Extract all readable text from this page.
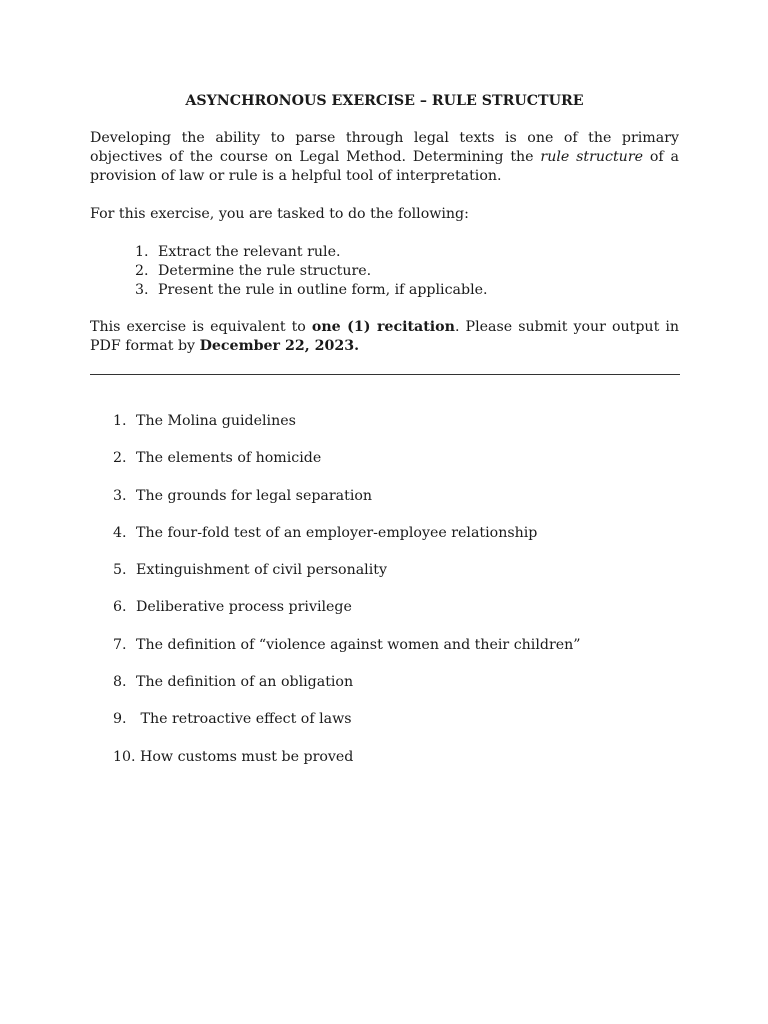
ASYNCHRONOUS EXERCISE – RULE STRUCTURE

Developing the ability to parse through legal texts is one of the primary objectives of the course on Legal Method. Determining the rule structure of a provision of law or rule is a helpful tool of interpretation.

For this exercise, you are tasked to do the following:

1. Extract the relevant rule.
2. Determine the rule structure.
3. Present the rule in outline form, if applicable.

This exercise is equivalent to one (1) recitation. Please submit your output in PDF format by December 22, 2023.

1. The Molina guidelines
2. The elements of homicide
3. The grounds for legal separation
4. The four-fold test of an employer-employee relationship
5. Extinguishment of civil personality
6. Deliberative process privilege
7. The definition of “violence against women and their children”
8. The definition of an obligation
9. The retroactive effect of laws
10. How customs must be proved
